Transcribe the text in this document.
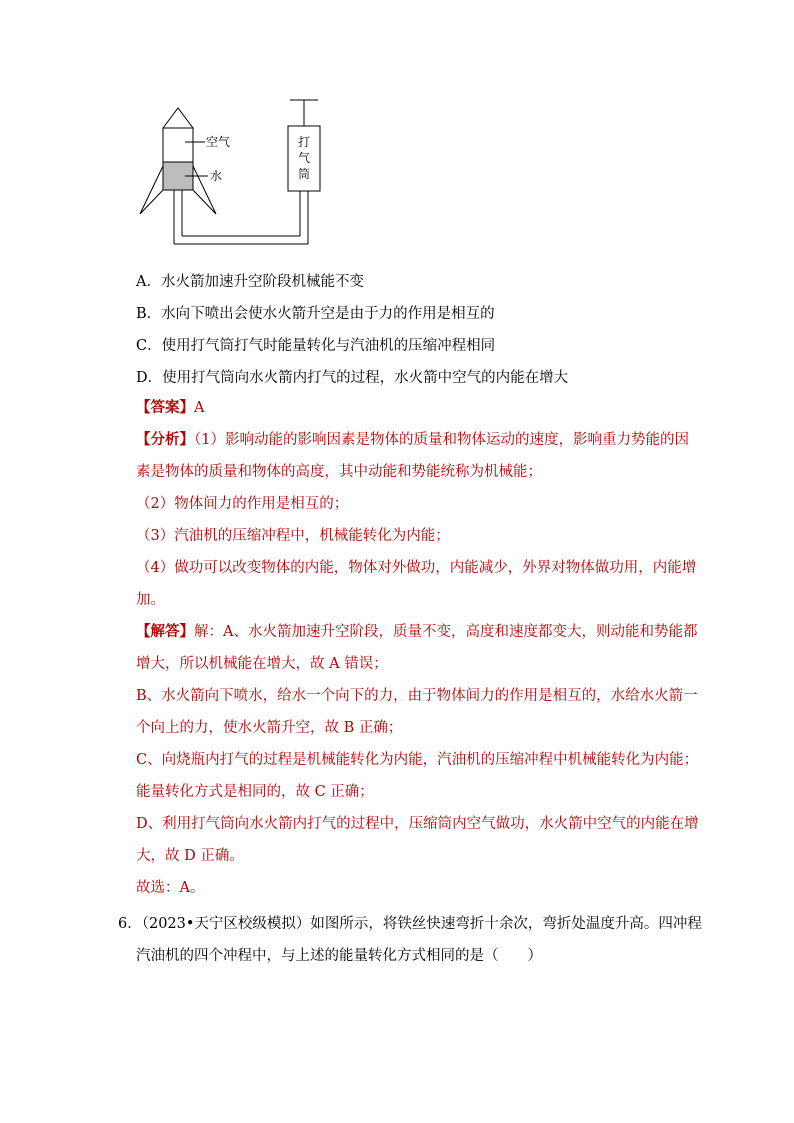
打
气
筒
空气
水
A．水火箭加速升空阶段机械能不变
B．水向下喷出会使水火箭升空是由于力的作用是相互的
C．使用打气筒打气时能量转化与汽油机的压缩冲程相同
D．使用打气筒向水火箭内打气的过程，水火箭中空气的内能在增大
【答案】A
【分析】（1）影响动能的影响因素是物体的质量和物体运动的速度，影响重力势能的因
素是物体的质量和物体的高度，其中动能和势能统称为机械能；
（2）物体间力的作用是相互的；
（3）汽油机的压缩冲程中，机械能转化为内能；
（4）做功可以改变物体的内能，物体对外做功，内能减少，外界对物体做功用，内能增
加。
【解答】解：A、水火箭加速升空阶段，质量不变，高度和速度都变大，则动能和势能都
增大，所以机械能在增大，故 A 错误；
B、水火箭向下喷水，给水一个向下的力，由于物体间力的作用是相互的，水给水火箭一
个向上的力，使水火箭升空，故 B 正确；
C、向烧瓶内打气的过程是机械能转化为内能，汽油机的压缩冲程中机械能转化为内能；
能量转化方式是相同的，故 C 正确；
D、利用打气筒向水火箭内打气的过程中，压缩筒内空气做功，水火箭中空气的内能在增
大，故 D 正确。
故选：A。
6．（2023•天宁区校级模拟）如图所示，将铁丝快速弯折十余次，弯折处温度升高。四冲程
汽油机的四个冲程中，与上述的能量转化方式相同的是（　　）
